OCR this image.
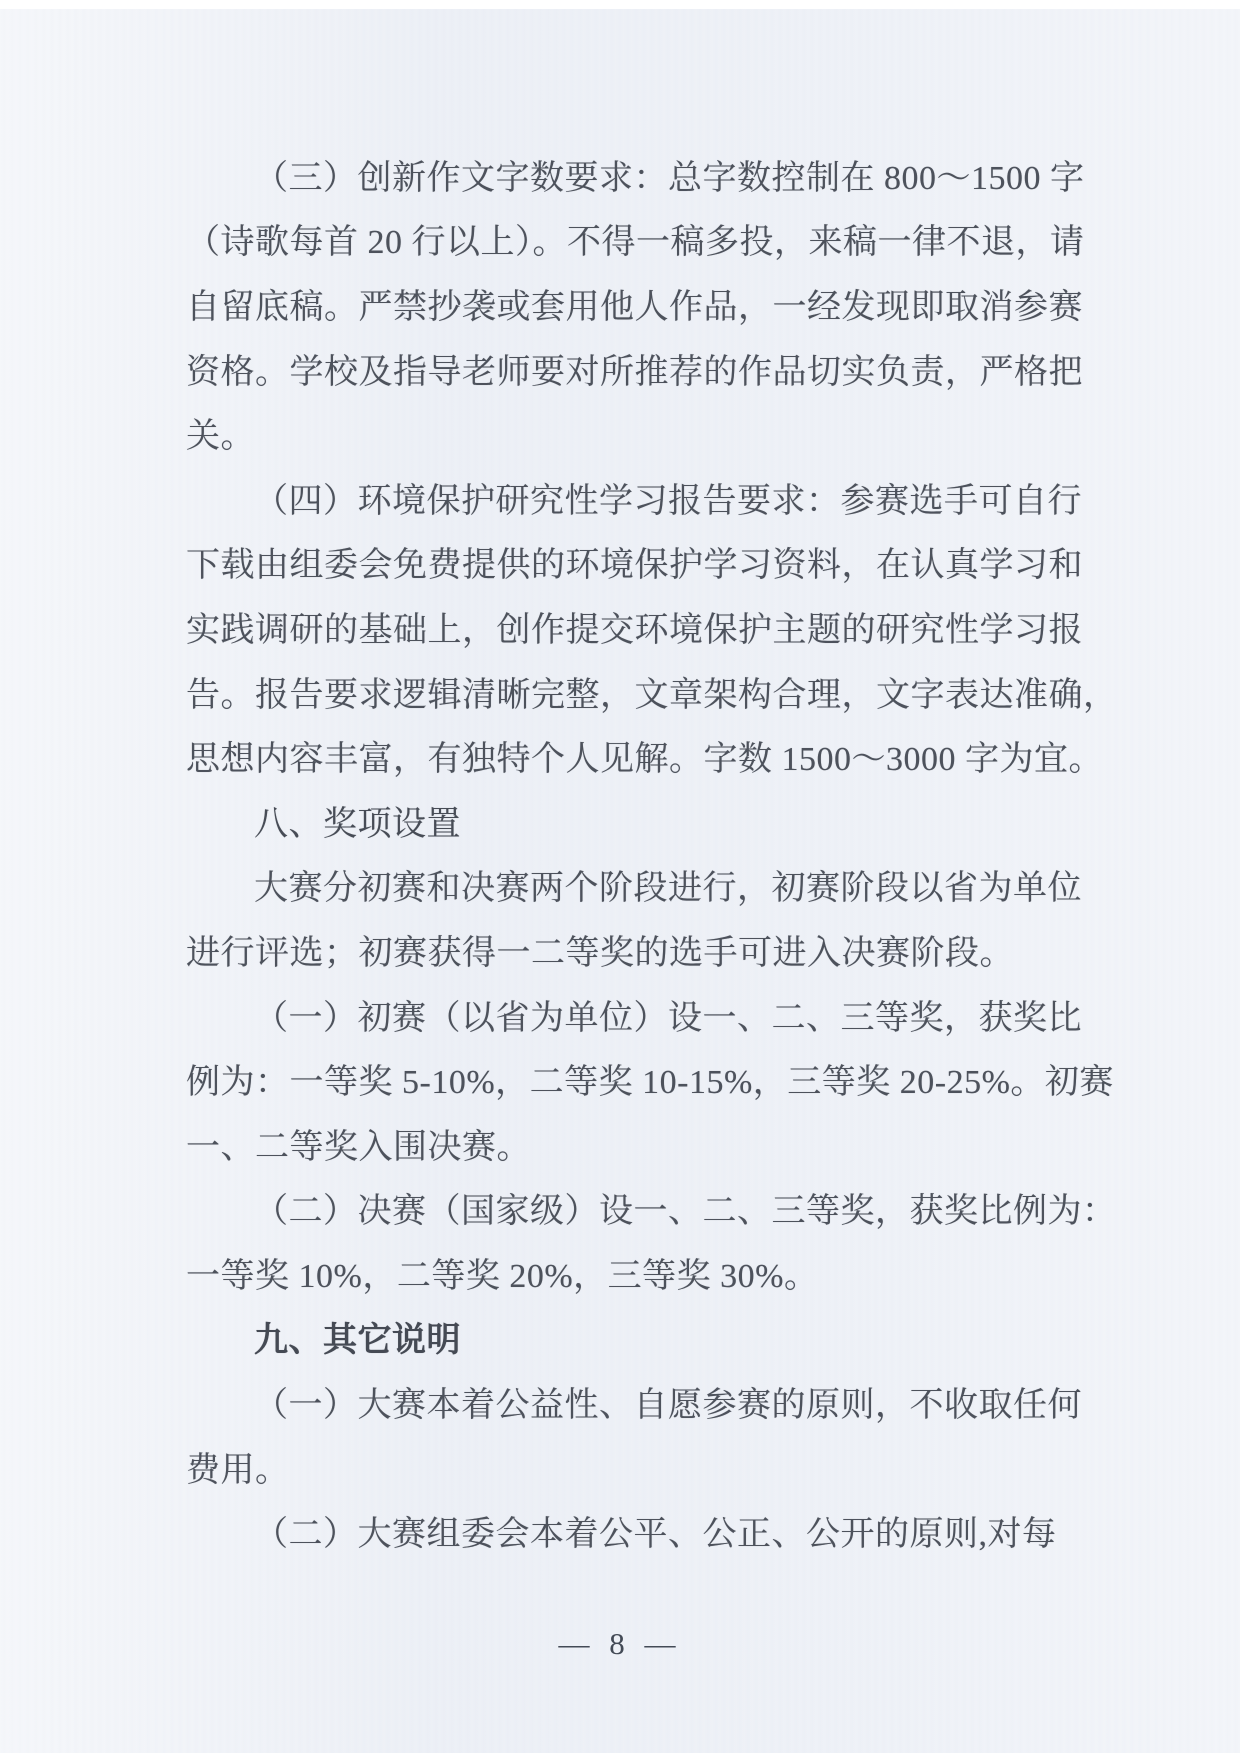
（三）创新作文字数要求：总字数控制在 800～1500 字
（诗歌每首 20 行以上）。不得一稿多投，来稿一律不退，请
自留底稿。严禁抄袭或套用他人作品，一经发现即取消参赛
资格。学校及指导老师要对所推荐的作品切实负责，严格把
关。
（四）环境保护研究性学习报告要求：参赛选手可自行
下载由组委会免费提供的环境保护学习资料，在认真学习和
实践调研的基础上，创作提交环境保护主题的研究性学习报
告。报告要求逻辑清晰完整，文章架构合理，文字表达准确，
思想内容丰富，有独特个人见解。字数 1500～3000 字为宜。
八、奖项设置
大赛分初赛和决赛两个阶段进行，初赛阶段以省为单位
进行评选；初赛获得一二等奖的选手可进入决赛阶段。
（一）初赛（以省为单位）设一、二、三等奖，获奖比
例为：一等奖 5-10%，二等奖 10-15%，三等奖 20-25%。初赛
一、二等奖入围决赛。
（二）决赛（国家级）设一、二、三等奖，获奖比例为：
一等奖 10%，二等奖 20%，三等奖 30%。
九、其它说明
（一）大赛本着公益性、自愿参赛的原则，不收取任何
费用。
（二）大赛组委会本着公平、公正、公开的原则,对每
— 8 —
